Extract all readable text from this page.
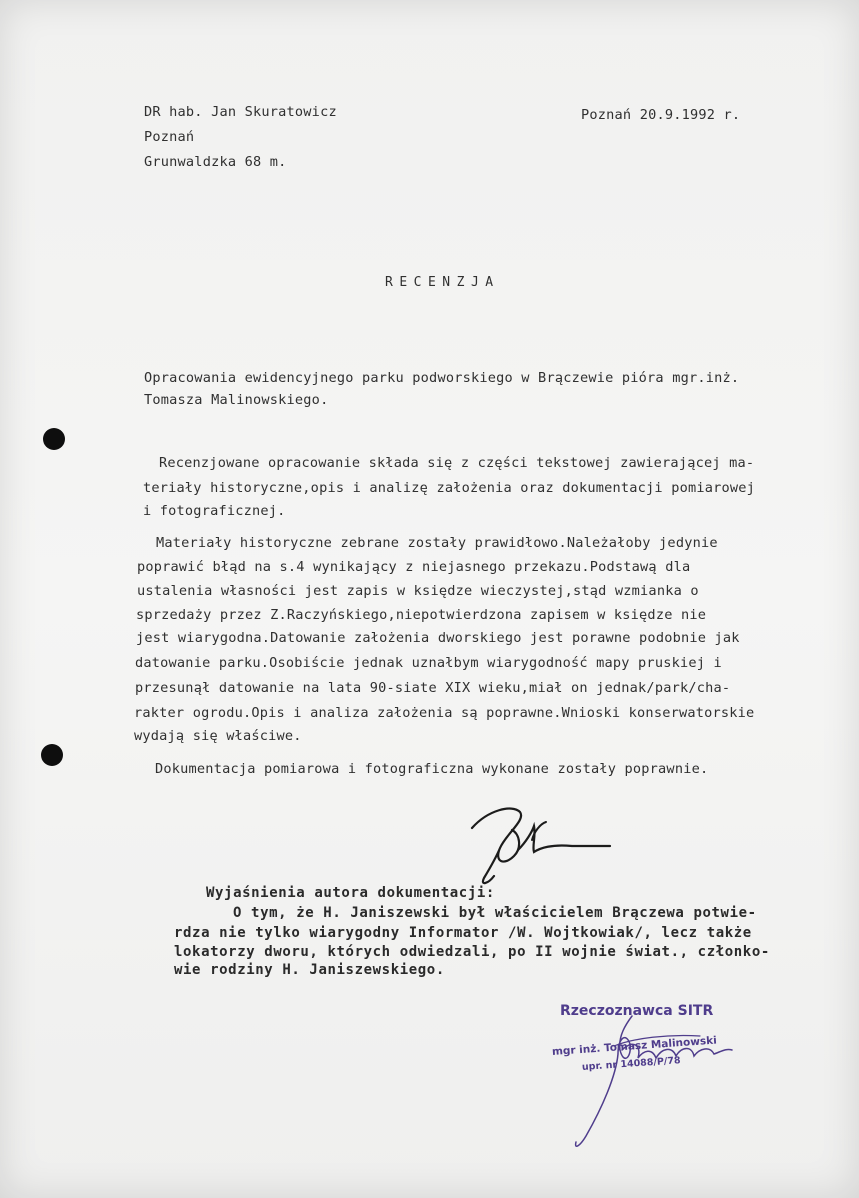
DR hab. Jan Skuratowicz
Poznań
Grunwaldzka 68 m.
Poznań 20.9.1992 r.
RECENZJA
Opracowania ewidencyjnego parku podworskiego w Brączewie pióra mgr.inż.
Tomasza Malinowskiego.
Recenzjowane opracowanie składa się z części tekstowej zawierającej ma-
teriały historyczne,opis i analizę założenia oraz dokumentacji pomiarowej
i fotograficznej.
Materiały historyczne zebrane zostały prawidłowo.Należałoby jedynie
poprawić błąd na s.4 wynikający z niejasnego przekazu.Podstawą dla
ustalenia własności jest zapis w księdze wieczystej,stąd wzmianka o
sprzedaży przez Z.Raczyńskiego,niepotwierdzona zapisem w księdze nie
jest wiarygodna.Datowanie założenia dworskiego jest porawne podobnie jak
datowanie parku.Osobiście jednak uznałbym wiarygodność mapy pruskiej i
przesunął datowanie na lata 90-siate XIX wieku,miał on jednak/park/cha-
rakter ogrodu.Opis i analiza założenia są poprawne.Wnioski konserwatorskie
wydają się właściwe.
Dokumentacja pomiarowa i fotograficzna wykonane zostały poprawnie.
Wyjaśnienia autora dokumentacji:
O tym, że H. Janiszewski był właścicielem Brączewa potwie-
rdza nie tylko wiarygodny Informator /W. Wojtkowiak/, lecz także
lokatorzy dworu, których odwiedzali, po II wojnie świat., członko-
wie rodziny H. Janiszewskiego.
Rzeczoznawca SITR
mgr inż. Tomasz Malinowski
upr. nr 14088/P/78
